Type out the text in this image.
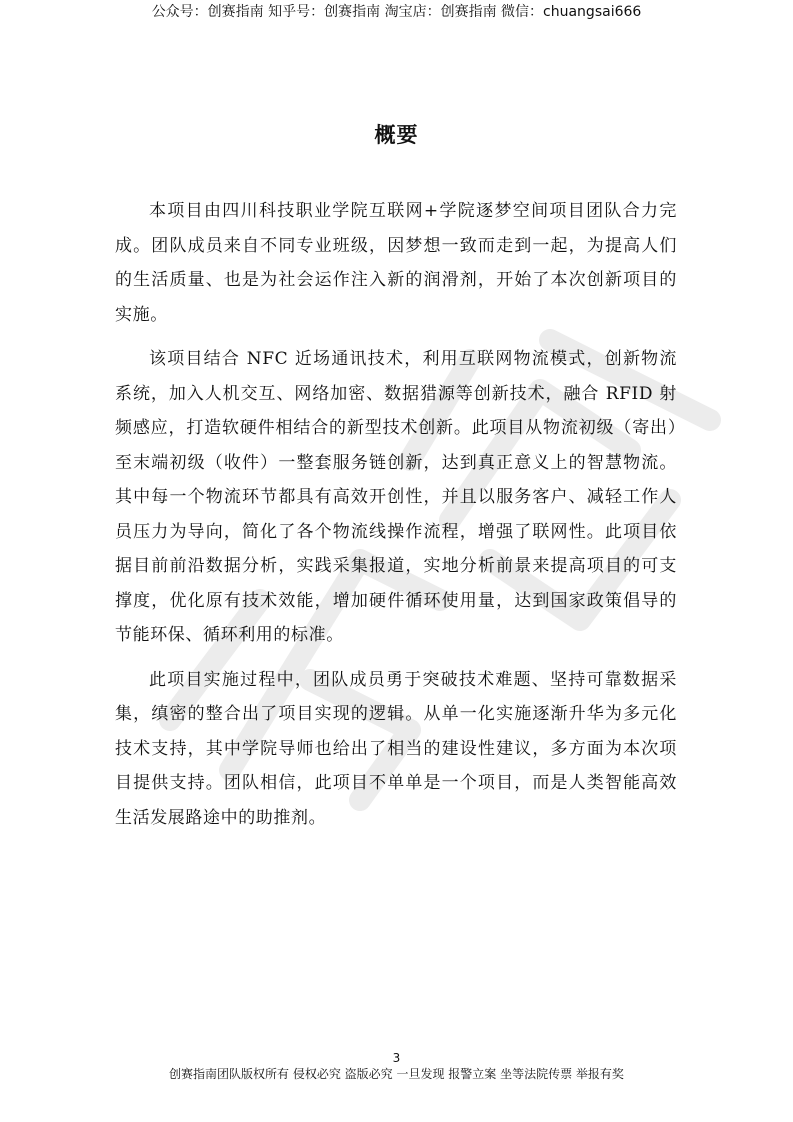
公众号：创赛指南 知乎号：创赛指南 淘宝店：创赛指南 微信：chuangsai666
概要

本项目由四川科技职业学院互联网+学院逐梦空间项目团队合力完成。团队成员来自不同专业班级，因梦想一致而走到一起，为提高人们的生活质量、也是为社会运作注入新的润滑剂，开始了本次创新项目的实施。

该项目结合 NFC 近场通讯技术，利用互联网物流模式，创新物流系统，加入人机交互、网络加密、数据猎源等创新技术，融合 RFID 射频感应，打造软硬件相结合的新型技术创新。此项目从物流初级（寄出）至末端初级（收件）一整套服务链创新，达到真正意义上的智慧物流。其中每一个物流环节都具有高效开创性，并且以服务客户、减轻工作人员压力为导向，简化了各个物流线操作流程，增强了联网性。此项目依据目前前沿数据分析，实践采集报道，实地分析前景来提高项目的可支撑度，优化原有技术效能，增加硬件循环使用量，达到国家政策倡导的节能环保、循环利用的标准。

此项目实施过程中，团队成员勇于突破技术难题、坚持可靠数据采集，缜密的整合出了项目实现的逻辑。从单一化实施逐渐升华为多元化技术支持，其中学院导师也给出了相当的建设性建议，多方面为本次项目提供支持。团队相信，此项目不单单是一个项目，而是人类智能高效生活发展路途中的助推剂。

3
创赛指南团队版权所有 侵权必究 盗版必究 一旦发现 报警立案 坐等法院传票 举报有奖
